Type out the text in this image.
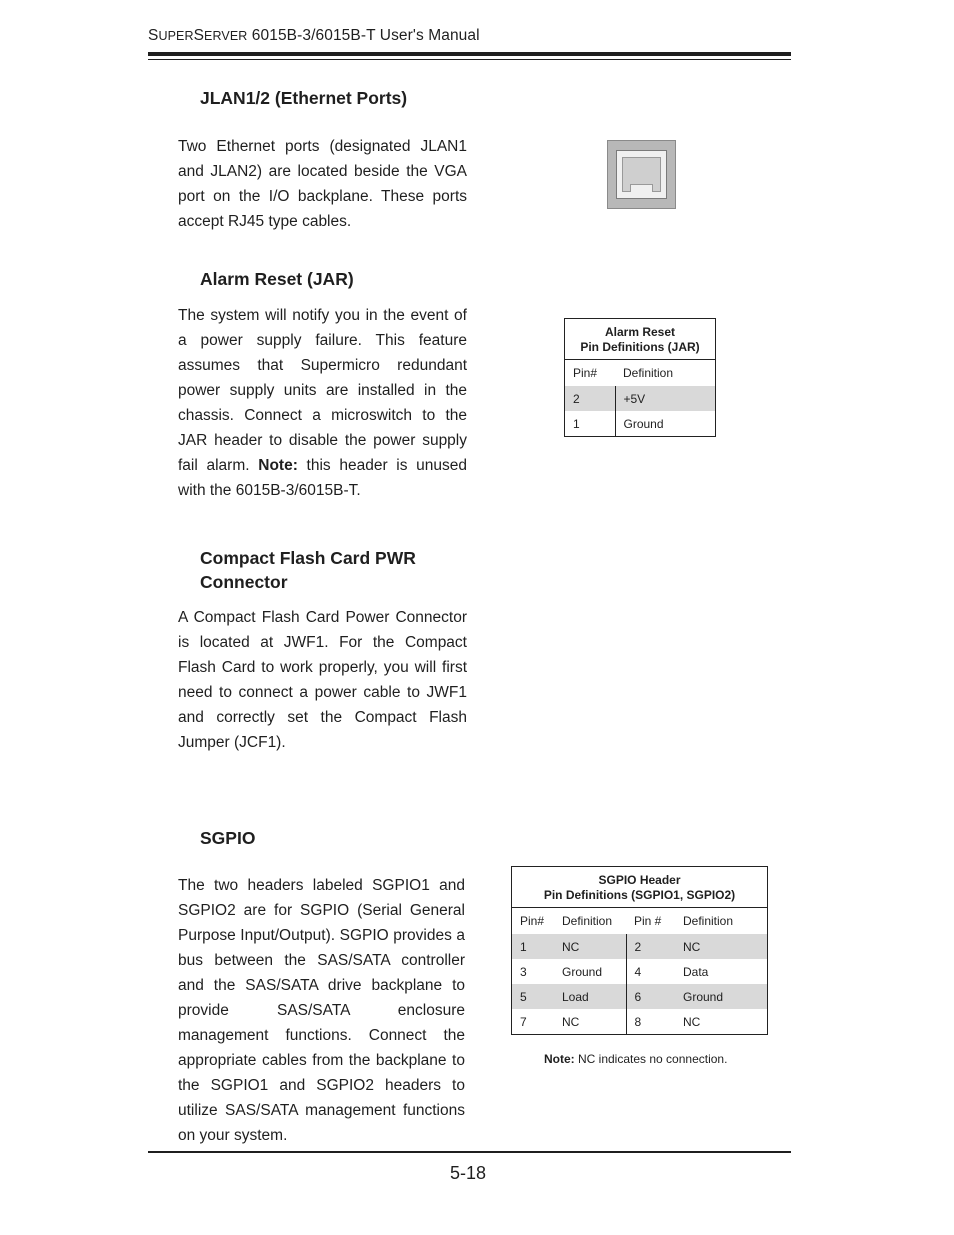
SUPERSERVER 6015B-3/6015B-T User's Manual
JLAN1/2 (Ethernet Ports)
Two Ethernet ports (designated JLAN1 and JLAN2) are located beside the VGA port on the I/O backplane. These ports accept RJ45 type cables.
Alarm Reset (JAR)
The system will notify you in the event of a power supply failure. This feature assumes that Supermicro redundant power supply units are installed in the chassis. Connect a microswitch to the JAR header to disable the power supply fail alarm. Note: this header is unused with the 6015B-3/6015B-T.
Alarm Reset
Pin Definitions (JAR)	
Pin#	Definition
2	+5V
1	Ground
Compact Flash Card PWR
Connector
A Compact Flash Card Power Connector is located at JWF1. For the Compact Flash Card to work properly, you will first need to connect a power cable to JWF1 and correctly set the Compact Flash Jumper (JCF1).
SGPIO
The two headers labeled SGPIO1 and SGPIO2 are for SGPIO (Serial General Purpose Input/Output). SGPIO provides a bus between the SAS/SATA controller and the SAS/SATA drive backplane to provide SAS/SATA enclosure management functions. Connect the appropriate cables from the backplane to the SGPIO1 and SGPIO2 headers to utilize SAS/SATA management functions on your system.
SGPIO Header
Pin Definitions (SGPIO1, SGPIO2)			
Pin#	Definition	Pin #	Definition
1	NC	2	NC
3	Ground	4	Data
5	Load	6	Ground
7	NC	8	NC
Note: NC indicates no connection.
5-18
